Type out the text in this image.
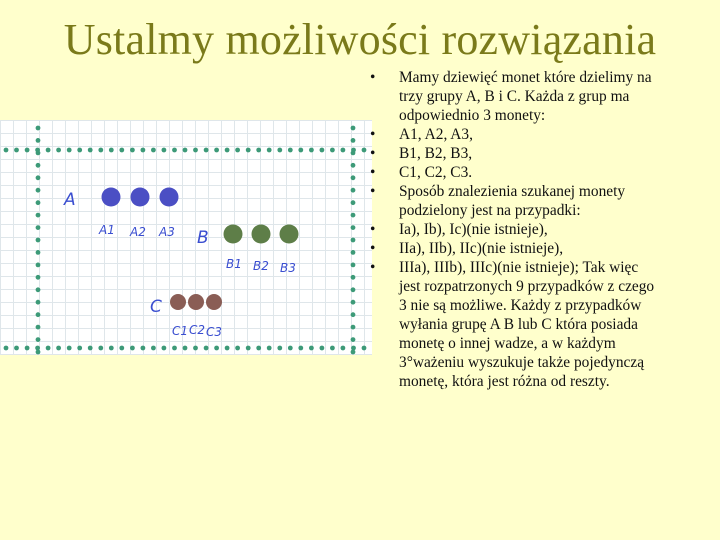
Ustalmy możliwości rozwiązania
A
A1 A2 A3 B
B1 B2 B3
C
C1 C2 C3
• Mamy dziewięć monet które dzielimy na trzy grupy A, B i C. Każda z grup ma odpowiednio 3 monety:
• A1, A2, A3,
• B1, B2, B3,
• C1, C2, C3.
• Sposób znalezienia szukanej monety podzielony jest na przypadki:
• Ia), Ib), Ic)(nie istnieje),
• IIa), IIb), IIc)(nie istnieje),
• IIIa), IIIb), IIIc)(nie istnieje); Tak więc jest rozpatrzonych 9 przypadków z czego 3 nie są możliwe. Każdy z przypadków wyłania grupę A B lub C która posiada monetę o innej wadze, a w każdym 3°ważeniu wyszukuje także pojedynczą monetę, która jest różna od reszty.
